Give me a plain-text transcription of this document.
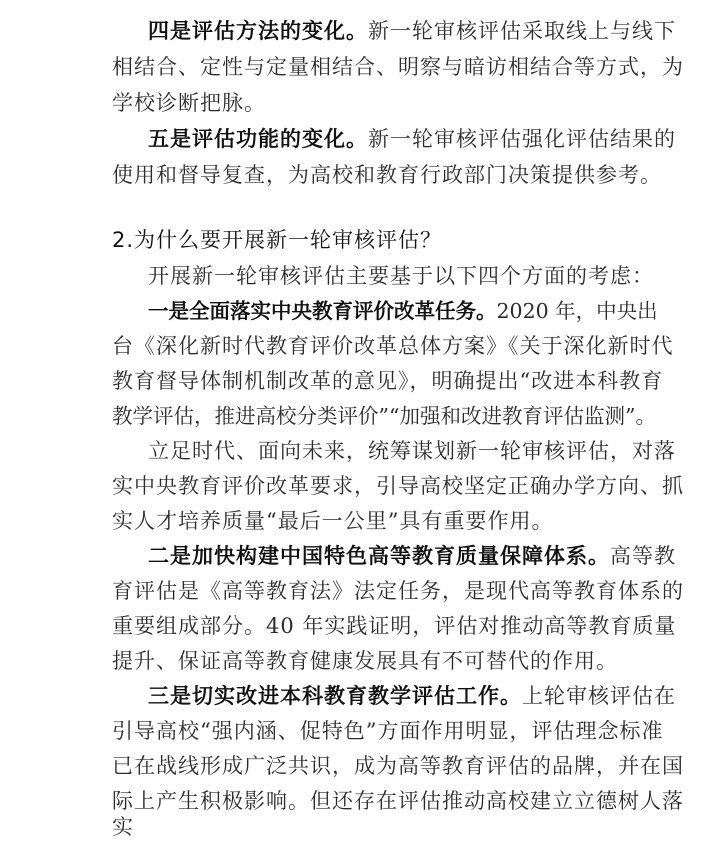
四是评估方法的变化。新一轮审核评估采取线上与线下
相结合、定性与定量相结合、明察与暗访相结合等方式，为
学校诊断把脉。
五是评估功能的变化。新一轮审核评估强化评估结果的
使用和督导复查，为高校和教育行政部门决策提供参考。
2.为什么要开展新一轮审核评估？
开展新一轮审核评估主要基于以下四个方面的考虑：
一是全面落实中央教育评价改革任务。2020 年，中央出
台《深化新时代教育评价改革总体方案》《关于深化新时代
教育督导体制机制改革的意见》，明确提出“改进本科教育
教学评估，推进高校分类评价”“加强和改进教育评估监测”。
立足时代、面向未来，统筹谋划新一轮审核评估，对落
实中央教育评价改革要求，引导高校坚定正确办学方向、抓
实人才培养质量“最后一公里”具有重要作用。
二是加快构建中国特色高等教育质量保障体系。高等教
育评估是《高等教育法》法定任务，是现代高等教育体系的
重要组成部分。40 年实践证明，评估对推动高等教育质量
提升、保证高等教育健康发展具有不可替代的作用。
三是切实改进本科教育教学评估工作。上轮审核评估在
引导高校“强内涵、促特色”方面作用明显，评估理念标准
已在战线形成广泛共识，成为高等教育评估的品牌，并在国
际上产生积极影响。但还存在评估推动高校建立立德树人落
实
